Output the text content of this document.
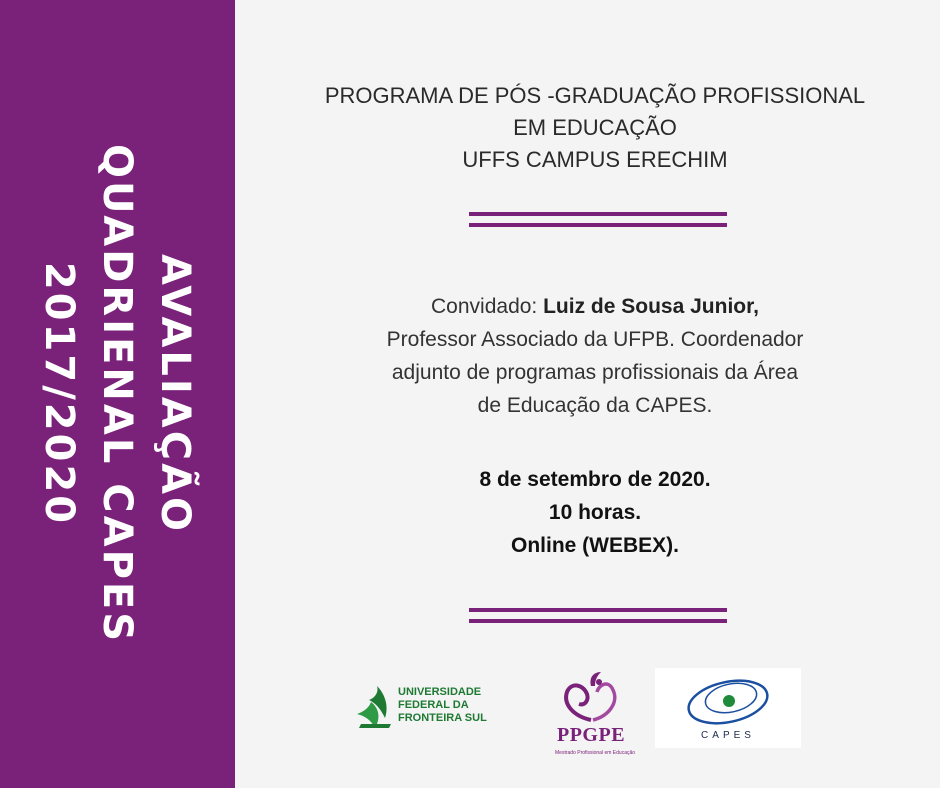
AVALIAÇÃO
QUADRIENAL CAPES
2017/2020
PROGRAMA DE PÓS -GRADUAÇÃO PROFISSIONAL
EM EDUCAÇÃO
UFFS CAMPUS ERECHIM
Convidado: Luiz de Sousa Junior,
Professor Associado da UFPB. Coordenador
adjunto de programas profissionais da Área
de Educação da CAPES.
8 de setembro de 2020.
10 horas.
Online (WEBEX).
UNIVERSIDADE
FEDERAL DA
FRONTEIRA SUL
PPGPE
Mestrado Profissional em Educação
CAPES
